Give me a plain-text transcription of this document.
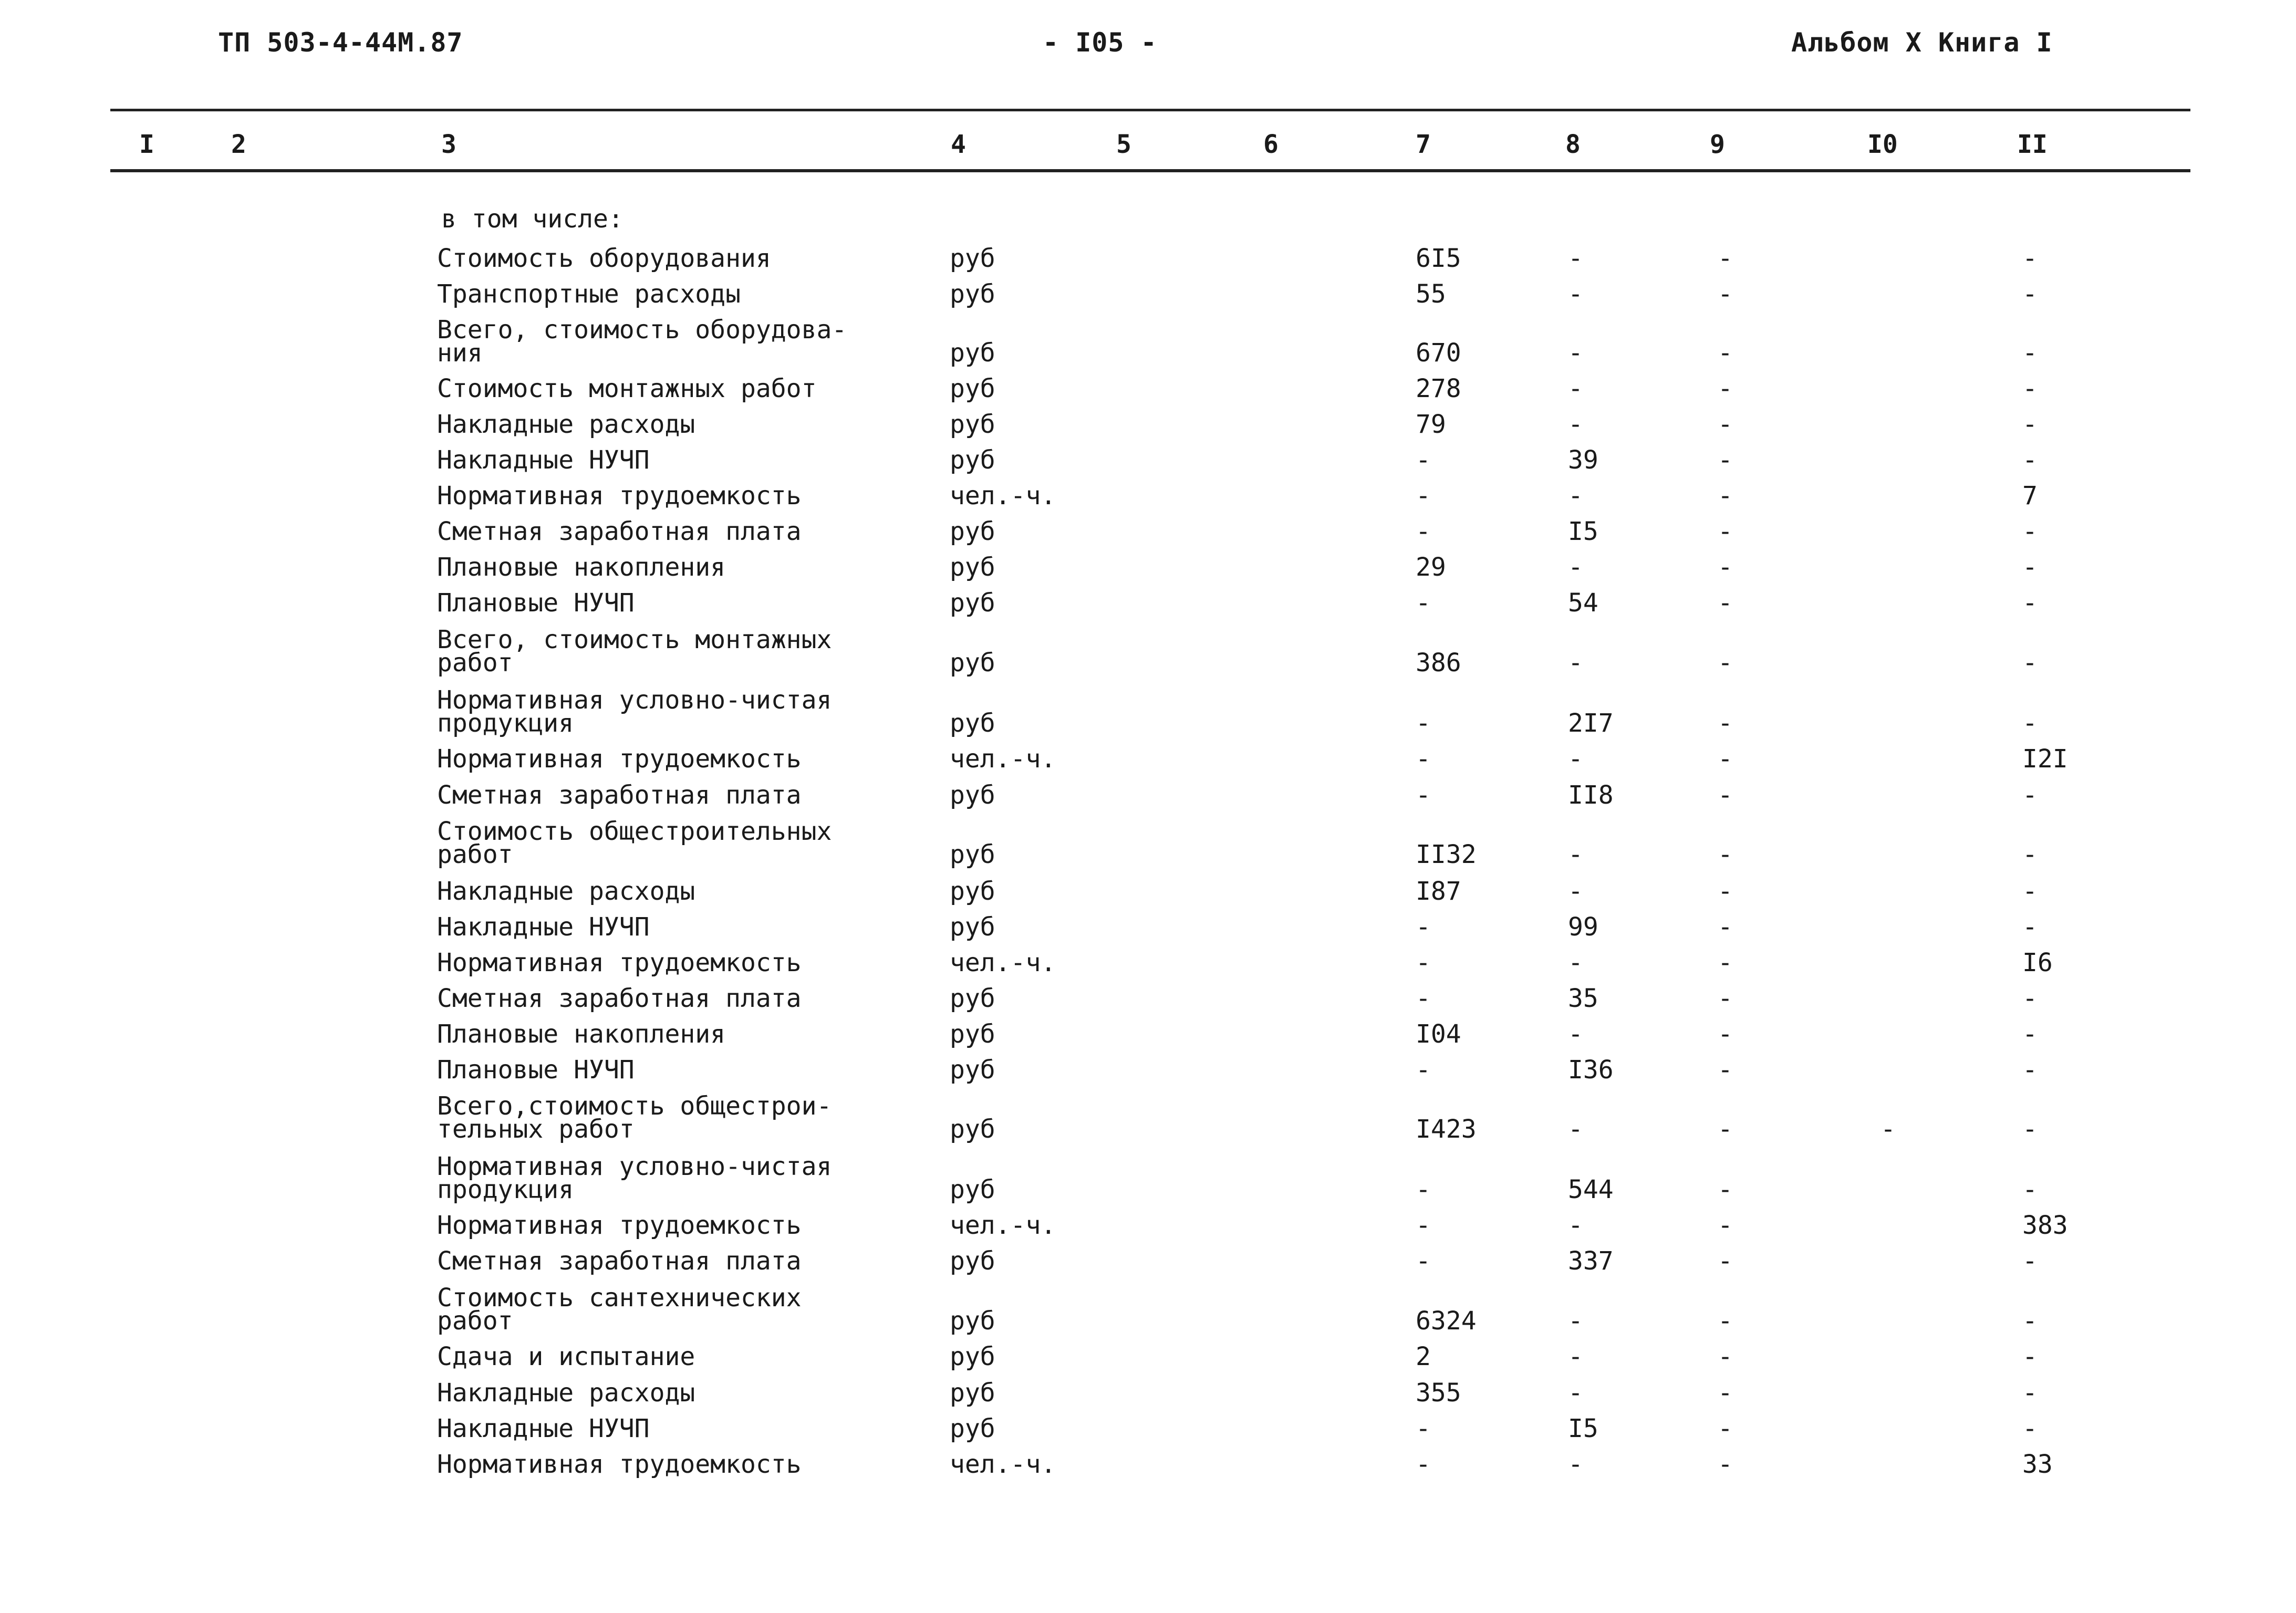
ТП 503-4-44М.87	- I05 -	Альбом X Книга I
I	2	3	4	5	6	7	8	9	I0	II
в том числе:
Стоимость оборудования	руб	6I5	-	-	-
Транспортные расходы	руб	55	-	-	-
Всего, стоимость оборудова-
ния	руб	670	-	-	-
Стоимость монтажных работ	руб	278	-	-	-
Накладные расходы	руб	79	-	-	-
Накладные НУЧП	руб	-	39	-	-
Нормативная трудоемкость	чел.-ч.	-	-	-	7
Сметная заработная плата	руб	-	I5	-	-
Плановые накопления	руб	29	-	-	-
Плановые НУЧП	руб	-	54	-	-
Всего, стоимость монтажных
работ	руб	386	-	-	-
Нормативная условно-чистая
продукция	руб	-	2I7	-	-
Нормативная трудоемкость	чел.-ч.	-	-	-	I2I
Сметная заработная плата	руб	-	II8	-	-
Стоимость общестроительных
работ	руб	II32	-	-	-
Накладные расходы	руб	I87	-	-	-
Накладные НУЧП	руб	-	99	-	-
Нормативная трудоемкость	чел.-ч.	-	-	-	I6
Сметная заработная плата	руб	-	35	-	-
Плановые накопления	руб	I04	-	-	-
Плановые НУЧП	руб	-	I36	-	-
Всего,стоимость общестрои-
тельных работ	руб	I423	-	-	-	-
Нормативная условно-чистая
продукция	руб	-	544	-	-
Нормативная трудоемкость	чел.-ч.	-	-	-	383
Сметная заработная плата	руб	-	337	-	-
Стоимость сантехнических
работ	руб	6324	-	-	-
Сдача и испытание	руб	2	-	-	-
Накладные расходы	руб	355	-	-	-
Накладные НУЧП	руб	-	I5	-	-
Нормативная трудоемкость	чел.-ч.	-	-	-	33
